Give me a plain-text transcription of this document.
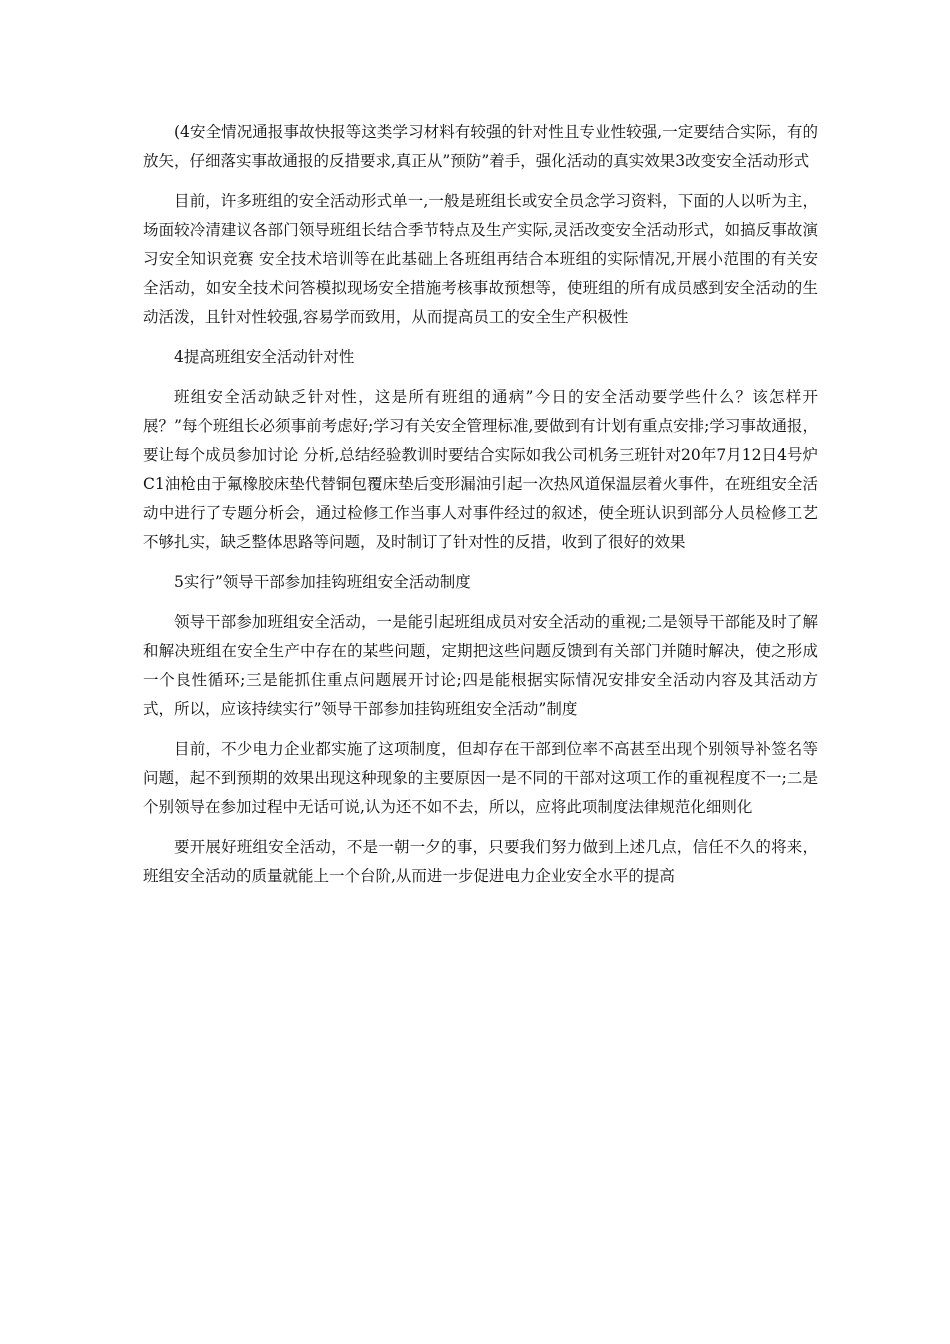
(4安全情况通报事故快报等这类学习材料有较强的针对性且专业性较强,一定要结合实际，有的放矢，仔细落实事故通报的反措要求,真正从”预防”着手，强化活动的真实效果3改变安全活动形式

目前，许多班组的安全活动形式单一,一般是班组长或安全员念学习资料，下面的人以听为主，场面较冷清建议各部门领导班组长结合季节特点及生产实际,灵活改变安全活动形式，如搞反事故演习安全知识竞赛 安全技术培训等在此基础上各班组再结合本班组的实际情况,开展小范围的有关安全活动，如安全技术问答模拟现场安全措施考核事故预想等，使班组的所有成员感到安全活动的生动活泼，且针对性较强,容易学而致用，从而提高员工的安全生产积极性

4提高班组安全活动针对性

班组安全活动缺乏针对性，这是所有班组的通病”今日的安全活动要学些什么？该怎样开展？”每个班组长必须事前考虑好;学习有关安全管理标准,要做到有计划有重点安排;学习事故通报，要让每个成员参加讨论 分析,总结经验教训时要结合实际如我公司机务三班针对20年7月12日4号炉C1油枪由于氟橡胶床垫代替铜包覆床垫后变形漏油引起一次热风道保温层着火事件，在班组安全活动中进行了专题分析会，通过检修工作当事人对事件经过的叙述，使全班认识到部分人员检修工艺不够扎实，缺乏整体思路等问题，及时制订了针对性的反措，收到了很好的效果

5实行”领导干部参加挂钩班组安全活动制度

领导干部参加班组安全活动，一是能引起班组成员对安全活动的重视;二是领导干部能及时了解和解决班组在安全生产中存在的某些问题，定期把这些问题反馈到有关部门并随时解决，使之形成一个良性循环;三是能抓住重点问题展开讨论;四是能根据实际情况安排安全活动内容及其活动方式，所以，应该持续实行”领导干部参加挂钩班组安全活动”制度

目前，不少电力企业都实施了这项制度，但却存在干部到位率不高甚至出现个别领导补签名等问题，起不到预期的效果出现这种现象的主要原因一是不同的干部对这项工作的重视程度不一;二是个别领导在参加过程中无话可说,认为还不如不去，所以，应将此项制度法律规范化细则化

要开展好班组安全活动，不是一朝一夕的事，只要我们努力做到上述几点，信任不久的将来，班组安全活动的质量就能上一个台阶,从而进一步促进电力企业安全水平的提高
